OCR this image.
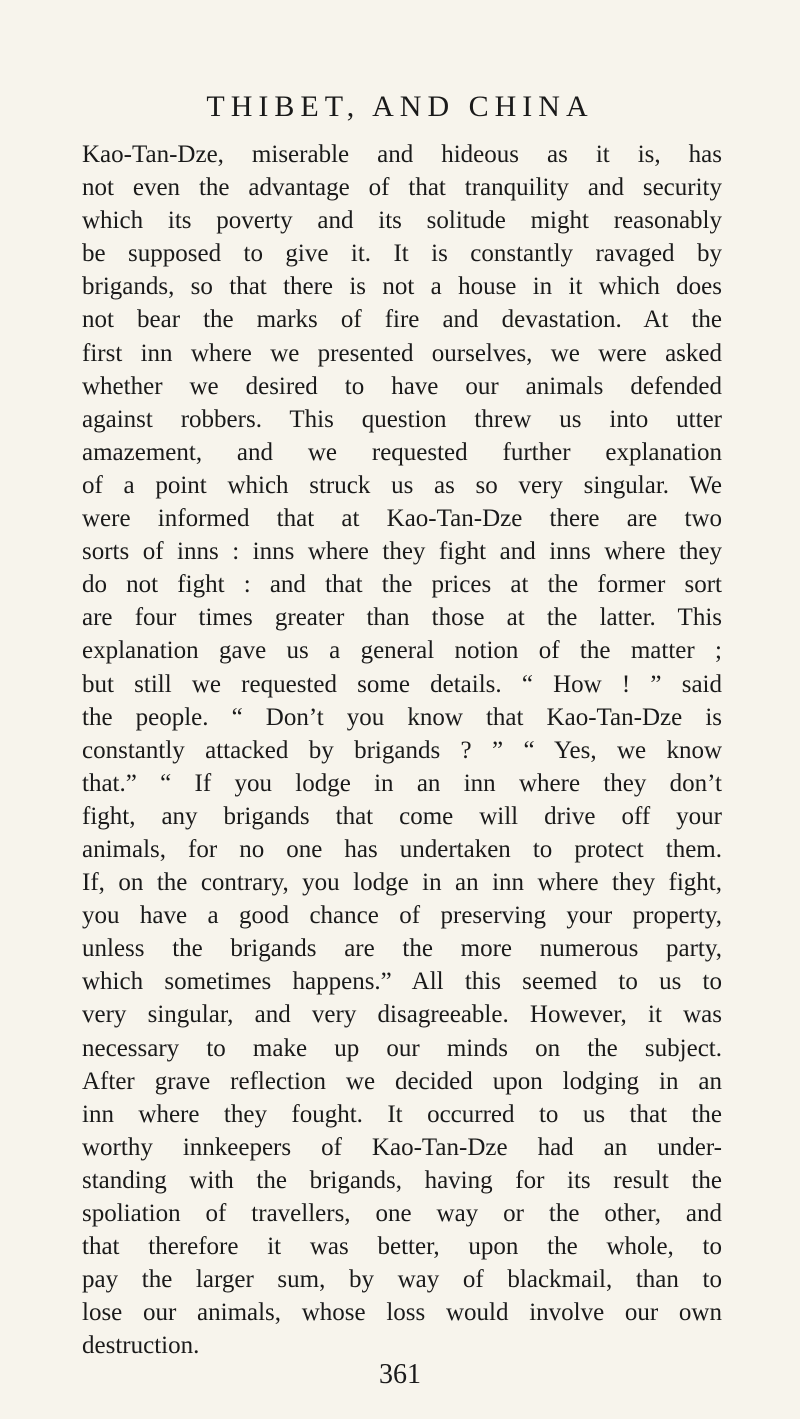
THIBET, AND CHINA
Kao-Tan-Dze, miserable and hideous as it is, has
not even the advantage of that tranquility and security
which its poverty and its solitude might reasonably
be supposed to give it. It is constantly ravaged by
brigands, so that there is not a house in it which does
not bear the marks of fire and devastation. At the
first inn where we presented ourselves, we were asked
whether we desired to have our animals defended
against robbers. This question threw us into utter
amazement, and we requested further explanation
of a point which struck us as so very singular. We
were informed that at Kao-Tan-Dze there are two
sorts of inns : inns where they fight and inns where they
do not fight : and that the prices at the former sort
are four times greater than those at the latter. This
explanation gave us a general notion of the matter ;
but still we requested some details. “ How ! ” said
the people. “ Don’t you know that Kao-Tan-Dze is
constantly attacked by brigands ? ” “ Yes, we know
that.” “ If you lodge in an inn where they don’t
fight, any brigands that come will drive off your
animals, for no one has undertaken to protect them.
If, on the contrary, you lodge in an inn where they fight,
you have a good chance of preserving your property,
unless the brigands are the more numerous party,
which sometimes happens.” All this seemed to us to
very singular, and very disagreeable. However, it was
necessary to make up our minds on the subject.
After grave reflection we decided upon lodging in an
inn where they fought. It occurred to us that the
worthy innkeepers of Kao-Tan-Dze had an under-
standing with the brigands, having for its result the
spoliation of travellers, one way or the other, and
that therefore it was better, upon the whole, to
pay the larger sum, by way of blackmail, than to
lose our animals, whose loss would involve our own
destruction.
361
